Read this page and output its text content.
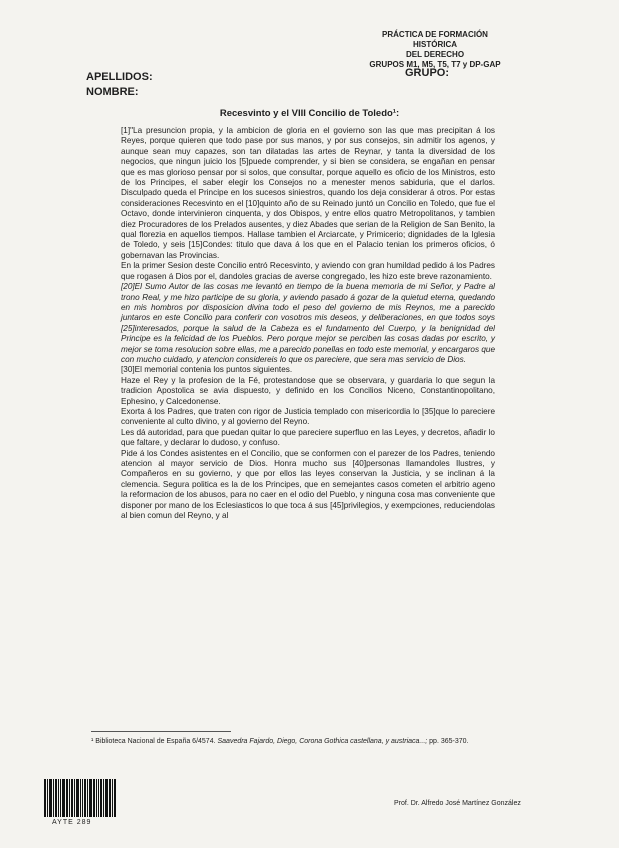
PRÁCTICA DE FORMACIÓN HISTÓRICA
DEL DERECHO
GRUPOS M1, M5, T5, T7 y DP-GAP
GRUPO:
APELLIDOS:
NOMBRE:
Recesvinto y el VIII Concilio de Toledo¹:

[1]"La presuncion propia, y la ambicion de gloria en el govierno son las que mas precipitan á los Reyes, porque quieren que todo pase por sus manos, y por sus consejos, sin admitir los agenos, y aunque sean muy capazes, son tan dilatadas las artes de Reynar, y tanta la diversidad de los negocios, que ningun juicio los [5]puede comprender, y si bien se considera, se engañan en pensar que es mas glorioso pensar por si solos, que consultar, porque aquello es oficio de los Ministros, esto de los Principes, el saber elegir los Consejos no a menester menos sabiduria, que el darlos. Disculpado queda el Principe en los sucesos siniestros, quando los deja considerar á otros. Por estas consideraciones Recesvinto en el [10]quinto año de su Reinado juntó un Concilio en Toledo, que fue el Octavo, donde intervinieron cinquenta, y dos Obispos, y entre ellos quatro Metropolitanos, y tambien diez Procuradores de los Prelados ausentes, y diez Abades que serian de la Religion de San Benito, la qual florezia en aquellos tiempos. Hallase tambien el Arciarcate, y Primicerio; dignidades de la Iglesia de Toledo, y seis [15]Condes: titulo que dava á los que en el Palacio tenian los primeros oficios, ó gobernavan las Provincias.

En la primer Sesion deste Concilio entró Recesvinto, y aviendo con gran humildad pedido á los Padres que rogasen á Dios por el, dandoles gracias de averse congregado, les hizo este breve razonamiento.

[20]El Sumo Autor de las cosas me levantó en tiempo de la buena memoria de mi Señor, y Padre al trono Real, y me hizo participe de su gloria, y aviendo pasado á gozar de la quietud eterna, quedando en mis hombros por disposicion divina todo el peso del govierno de mis Reynos, me a parecido juntaros en este Concilio para conferir con vosotros mis deseos, y deliberaciones, en que todos soys [25]interesados, porque la salud de la Cabeza es el fundamento del Cuerpo, y la benignidad del Principe es la felicidad de los Pueblos. Pero porque mejor se perciben las cosas dadas por escrito, y mejor se toma resolucion sobre ellas, me a parecido ponellas en todo este memorial, y encargaros que con mucho cuidado, y atencion considereis lo que os pareciere, que sera mas servicio de Dios.

[30]El memorial contenia los puntos siguientes.

Haze el Rey y la profesion de la Fé, protestandose que se observara, y guardaria lo que segun la tradicion Apostolica se avia dispuesto, y definido en los Concilios Niceno, Constantinopolitano, Ephesino, y Calcedonense.

Exorta á los Padres, que traten con rigor de Justicia templado con misericordia lo [35]que lo pareciere conveniente al culto divino, y al govierno del Reyno.

Les dá autoridad, para que puedan quitar lo que pareciere superfluo en las Leyes, y decretos, añadir lo que faltare, y declarar lo dudoso, y confuso.

Pide á los Condes asistentes en el Concilio, que se conformen con el parezer de los Padres, teniendo atencion al mayor servicio de Dios. Honra mucho sus [40]personas llamandoles Ilustres, y Compañeros en su govierno, y que por ellos las leyes conservan la Justicia, y se inclinan á la clemencia. Segura politica es la de los Principes, que en semejantes casos cometen el arbitrio ageno la reformacion de los abusos, para no caer en el odio del Pueblo, y ninguna cosa mas conveniente que disponer por mano de los Eclesiasticos lo que toca á sus [45]privilegios, y exempciones, reduciendolas al bien comun del Reyno, y al

¹ Biblioteca Nacional de España 6/4574. Saavedra Fajardo, Diego, Corona Gothica castellana, y austriaca...; pp. 365-370.
AYTE 289
Prof. Dr. Alfredo José Martínez González
